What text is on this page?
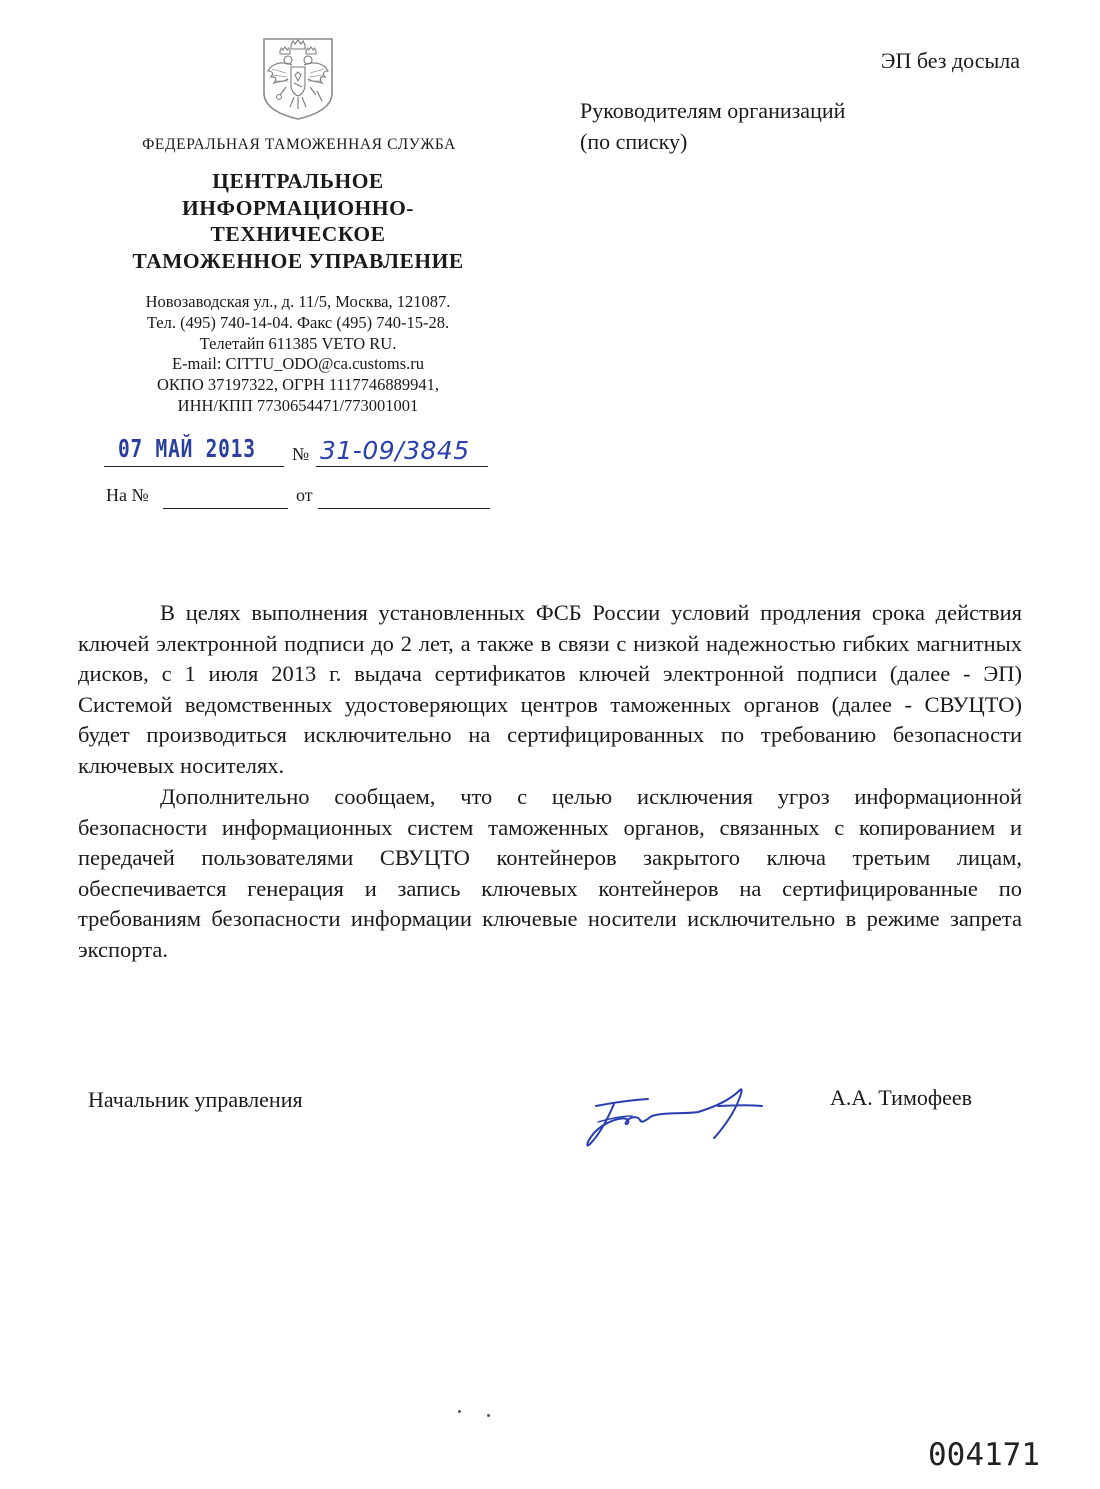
ФЕДЕРАЛЬНАЯ ТАМОЖЕННАЯ СЛУЖБА
ЦЕНТРАЛЬНОЕ
ИНФОРМАЦИОННО-
ТЕХНИЧЕСКОЕ
ТАМОЖЕННОЕ УПРАВЛЕНИЕ
Новозаводская ул., д. 11/5, Москва, 121087.
Тел. (495) 740-14-04. Факс (495) 740-15-28.
Телетайп 611385 VETO RU.
E-mail: CITTU_ODO@ca.customs.ru
ОКПО 37197322, ОГРН 1117746889941,
ИНН/КПП 7730654471/773001001
07 МАЙ 2013 № 31-09/3845
На №	от
ЭП без досыла
Руководителям организаций
(по списку)

В целях выполнения установленных ФСБ России условий продления срока действия ключей электронной подписи до 2 лет, а также в связи с низкой надежностью гибких магнитных дисков, с 1 июля 2013 г. выдача сертификатов ключей электронной подписи (далее - ЭП) Системой ведомственных удостоверяющих центров таможенных органов (далее - СВУЦТО) будет производиться исключительно на сертифицированных по требованию безопасности ключевых носителях.

Дополнительно сообщаем, что с целью исключения угроз информационной безопасности информационных систем таможенных органов, связанных с копированием и передачей пользователями СВУЦТО контейнеров закрытого ключа третьим лицам, обеспечивается генерация и запись ключевых контейнеров на сертифицированные по требованиям безопасности информации ключевые носители исключительно в режиме запрета экспорта.

Начальник управления	А.А. Тимофеев
004171
